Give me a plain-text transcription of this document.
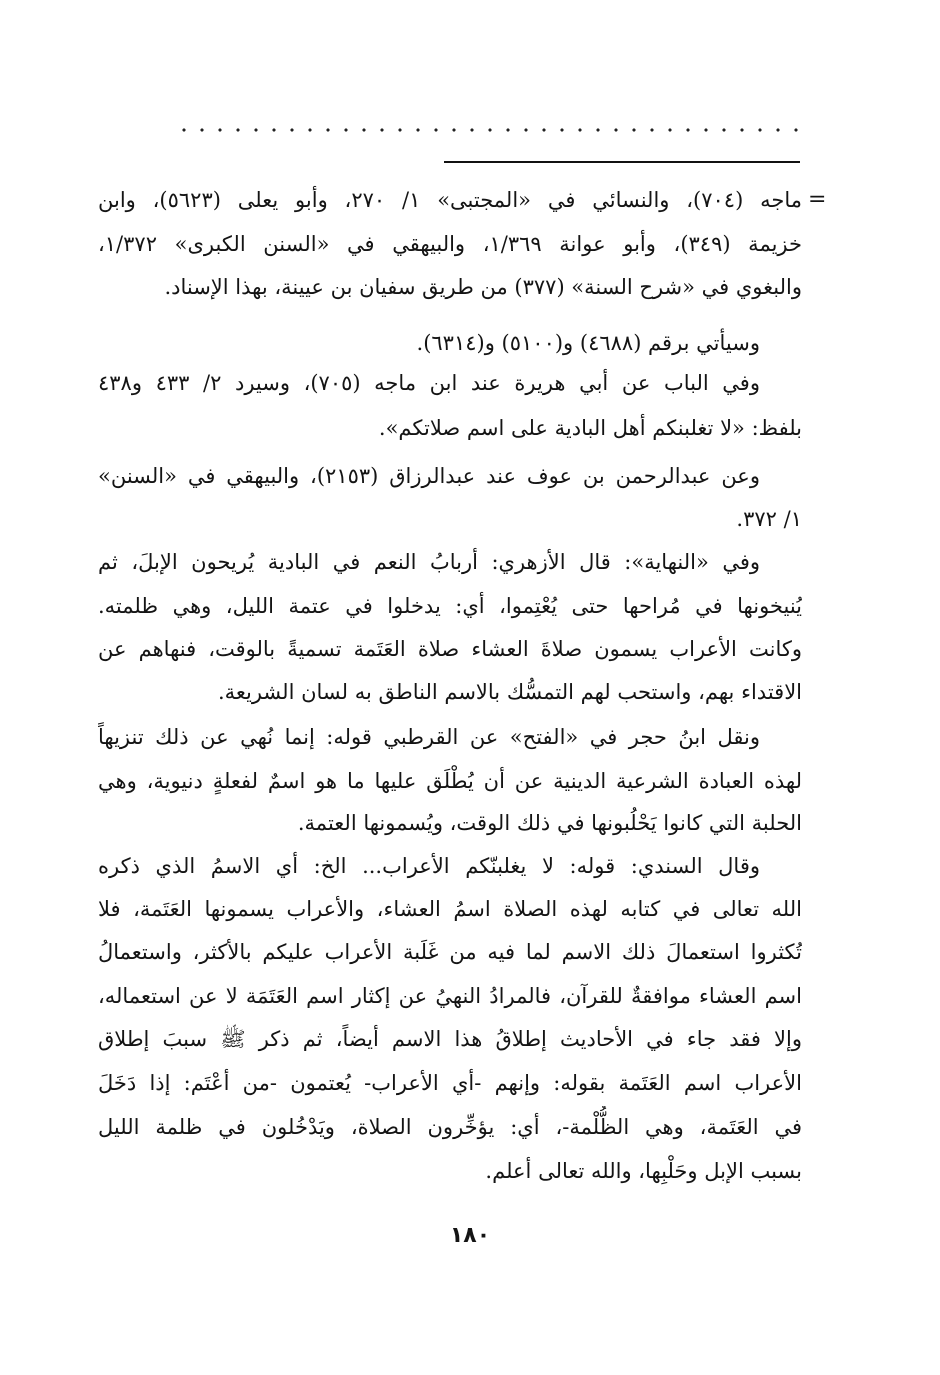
=
ماجه (٧٠٤)، والنسائي في «المجتبى» ١/ ٢٧٠، وأبو يعلى (٥٦٢٣)، وابن
خزيمة (٣٤٩)، وأبو عوانة ١/٣٦٩، والبيهقي في «السنن الكبرى» ١/٣٧٢،
والبغوي في «شرح السنة» (٣٧٧) من طريق سفيان بن عيينة، بهذا الإسناد.
وسيأتي برقم (٤٦٨٨) و(٥١٠٠) و(٦٣١٤).
وفي الباب عن أبي هريرة عند ابن ماجه (٧٠٥)، وسيرد ٢/ ٤٣٣ و٤٣٨
بلفظ: «لا تغلبنكم أهل البادية على اسم صلاتكم».
وعن عبدالرحمن بن عوف عند عبدالرزاق (٢١٥٣)، والبيهقي في «السنن»
١/ ٣٧٢.
وفي «النهاية»: قال الأزهري: أربابُ النعم في البادية يُريحون الإبلَ، ثم
يُنيخونها في مُراحها حتى يُعْتِموا، أي: يدخلوا في عتمة الليل، وهي ظلمته.
وكانت الأعراب يسمون صلاةَ العشاء صلاة العَتَمة تسميةً بالوقت، فنهاهم عن
الاقتداء بهم، واستحب لهم التمسُّك بالاسم الناطق به لسان الشريعة.
ونقل ابنُ حجر في «الفتح» عن القرطبي قوله: إنما نُهي عن ذلك تنزيهاً
لهذه العبادة الشرعية الدينية عن أن يُطْلَق عليها ما هو اسمٌ لفعلةٍ دنيوية، وهي
الحلبة التي كانوا يَحْلُبونها في ذلك الوقت، ويُسمونها العتمة.
وقال السندي: قوله: لا يغلبنّكم الأعراب... الخ: أي الاسمُ الذي ذكره
الله تعالى في كتابه لهذه الصلاة اسمُ العشاء، والأعراب يسمونها العَتَمة، فلا
تُكثروا استعمالَ ذلك الاسم لما فيه من غَلَبة الأعراب عليكم بالأكثر، واستعمالُ
اسم العشاء موافقةٌ للقرآن، فالمرادُ النهيُ عن إكثار اسم العَتَمَة لا عن استعماله،
وإلا فقد جاء في الأحاديث إطلاقُ هذا الاسم أيضاً، ثم ذكر ﷺ سببَ إطلاق
الأعراب اسم العَتَمة بقوله: وإنهم -أي الأعراب- يُعتمون -من أعْتَم: إذا دَخَلَ
في العَتَمة، وهي الظُّلْمة-، أي: يؤخِّرون الصلاة، ويَدْخُلون في ظلمة الليل
بسبب الإبل وحَلْبِها، والله تعالى أعلم.
١٨٠
